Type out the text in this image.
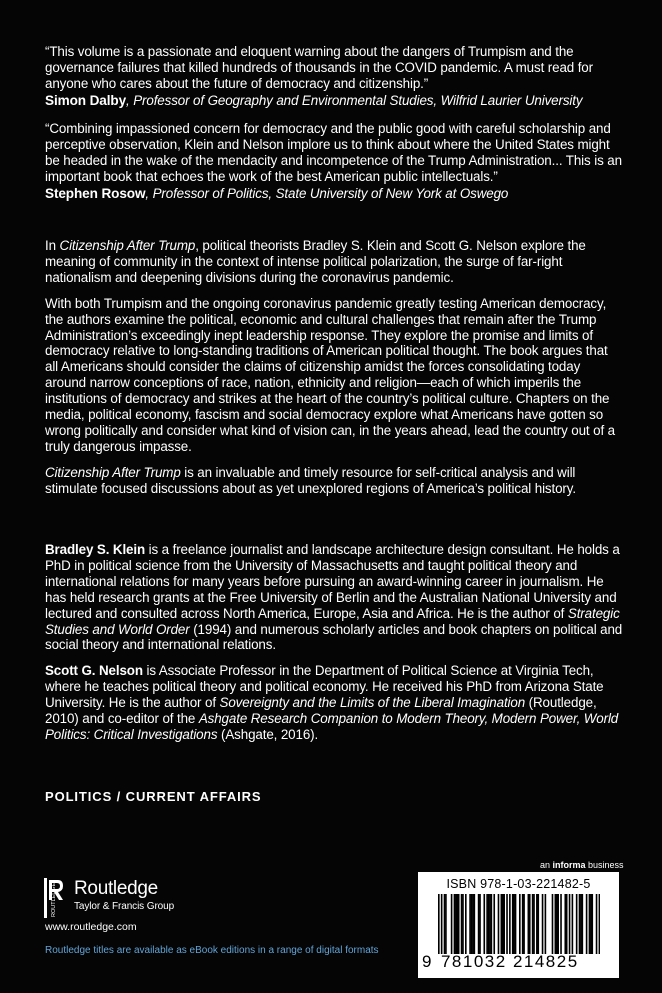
“This volume is a passionate and eloquent warning about the dangers of Trumpism and the governance failures that killed hundreds of thousands in the COVID pandemic. A must read for anyone who cares about the future of democracy and citizenship.”

Simon Dalby, Professor of Geography and Environmental Studies, Wilfrid Laurier University

“Combining impassioned concern for democracy and the public good with careful scholarship and perceptive observation, Klein and Nelson implore us to think about where the United States might be headed in the wake of the mendacity and incompetence of the Trump Administration... This is an important book that echoes the work of the best American public intellectuals.”

Stephen Rosow, Professor of Politics, State University of New York at Oswego

In Citizenship After Trump, political theorists Bradley S. Klein and Scott G. Nelson explore the meaning of community in the context of intense political polarization, the surge of far-right nationalism and deepening divisions during the coronavirus pandemic.

With both Trumpism and the ongoing coronavirus pandemic greatly testing American democracy, the authors examine the political, economic and cultural challenges that remain after the Trump Administration’s exceedingly inept leadership response. They explore the promise and limits of democracy relative to long-standing traditions of American political thought. The book argues that all Americans should consider the claims of citizenship amidst the forces consolidating today around narrow conceptions of race, nation, ethnicity and religion—each of which imperils the institutions of democracy and strikes at the heart of the country’s political culture. Chapters on the media, political economy, fascism and social democracy explore what Americans have gotten so wrong politically and consider what kind of vision can, in the years ahead, lead the country out of a truly dangerous impasse.

Citizenship After Trump is an invaluable and timely resource for self-critical analysis and will stimulate focused discussions about as yet unexplored regions of America’s political history.

Bradley S. Klein is a freelance journalist and landscape architecture design consultant. He holds a PhD in political science from the University of Massachusetts and taught political theory and international relations for many years before pursuing an award-winning career in journalism. He has held research grants at the Free University of Berlin and the Australian National University and lectured and consulted across North America, Europe, Asia and Africa. He is the author of Strategic Studies and World Order (1994) and numerous scholarly articles and book chapters on political and social theory and international relations.

Scott G. Nelson is Associate Professor in the Department of Political Science at Virginia Tech, where he teaches political theory and political economy. He received his PhD from Arizona State University. He is the author of Sovereignty and the Limits of the Liberal Imagination (Routledge, 2010) and co-editor of the Ashgate Research Companion to Modern Theory, Modern Power, World Politics: Critical Investigations (Ashgate, 2016).

POLITICS / CURRENT AFFAIRS
an informa business
ROUTLEDGE Routledge
Taylor & Francis Group
www.routledge.com
Routledge titles are available as eBook editions in a range of digital formats
ISBN 978-1-03-221482-5
9 781032 214825
